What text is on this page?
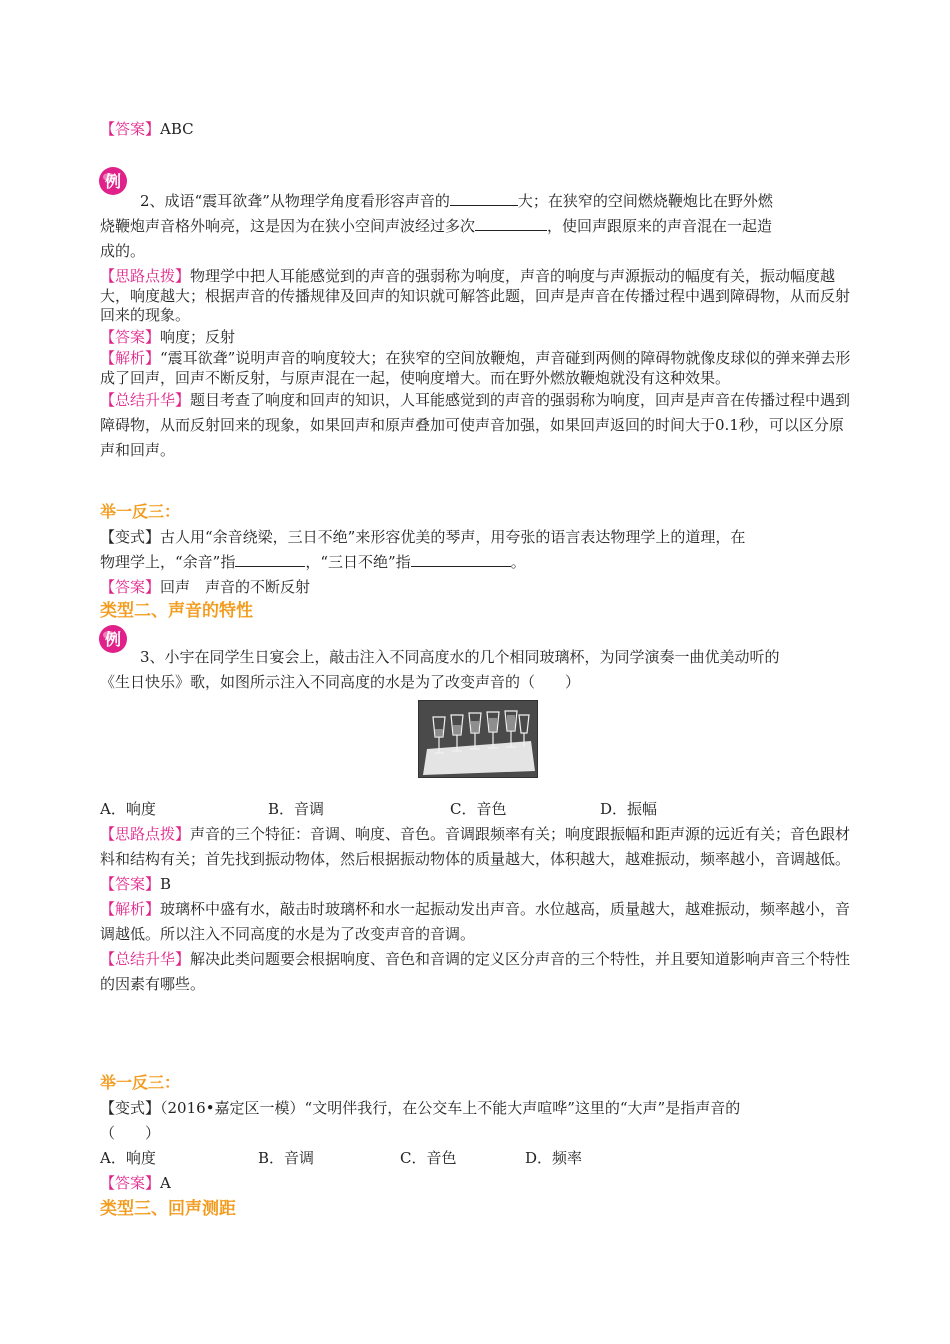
【答案】ABC

例

2、成语“震耳欲聋”从物理学角度看形容声音的	大；在狭窄的空间燃烧鞭炮比在野外燃

烧鞭炮声音格外响亮，这是因为在狭小空间声波经过多次	，使回声跟原来的声音混在一起造

成的。

【思路点拨】物理学中把人耳能感觉到的声音的强弱称为响度，声音的响度与声源振动的幅度有关，振动幅度越大，响度越大；根据声音的传播规律及回声的知识就可解答此题，回声是声音在传播过程中遇到障碍物，从而反射回来的现象。

【答案】响度；反射

【解析】“震耳欲聋”说明声音的响度较大；在狭窄的空间放鞭炮，声音碰到两侧的障碍物就像皮球似的弹来弹去形成了回声，回声不断反射，与原声混在一起，使响度增大。而在野外燃放鞭炮就没有这种效果。

【总结升华】题目考查了响度和回声的知识，人耳能感觉到的声音的强弱称为响度，回声是声音在传播过程中遇到障碍物，从而反射回来的现象，如果回声和原声叠加可使声音加强，如果回声返回的时间大于0.1秒，可以区分原声和回声。

举一反三：

【变式】古人用“余音绕梁，三日不绝”来形容优美的琴声，用夸张的语言表达物理学上的道理，在

物理学上，“余音”指	，“三日不绝”指	。

【答案】回声　声音的不断反射

类型二、声音的特性

例

3、小宇在同学生日宴会上，敲击注入不同高度水的几个相同玻璃杯，为同学演奏一曲优美动听的

《生日快乐》歌，如图所示注入不同高度的水是为了改变声音的（　　）

A．响度	B．音调	C．音色	D．振幅

【思路点拨】声音的三个特征：音调、响度、音色。音调跟频率有关；响度跟振幅和距声源的远近有关；音色跟材料和结构有关；首先找到振动物体，然后根据振动物体的质量越大，体积越大，越难振动，频率越小，音调越低。

【答案】B

【解析】玻璃杯中盛有水，敲击时玻璃杯和水一起振动发出声音。水位越高，质量越大，越难振动，频率越小，音调越低。所以注入不同高度的水是为了改变声音的音调。

【总结升华】解决此类问题要会根据响度、音色和音调的定义区分声音的三个特性，并且要知道影响声音三个特性的因素有哪些。

举一反三：

【变式】（2016•嘉定区一模）“文明伴我行，在公交车上不能大声喧哗”这里的“大声”是指声音的

（　　）

A．响度	B．音调	C．音色	D．频率

【答案】A

类型三、回声测距
